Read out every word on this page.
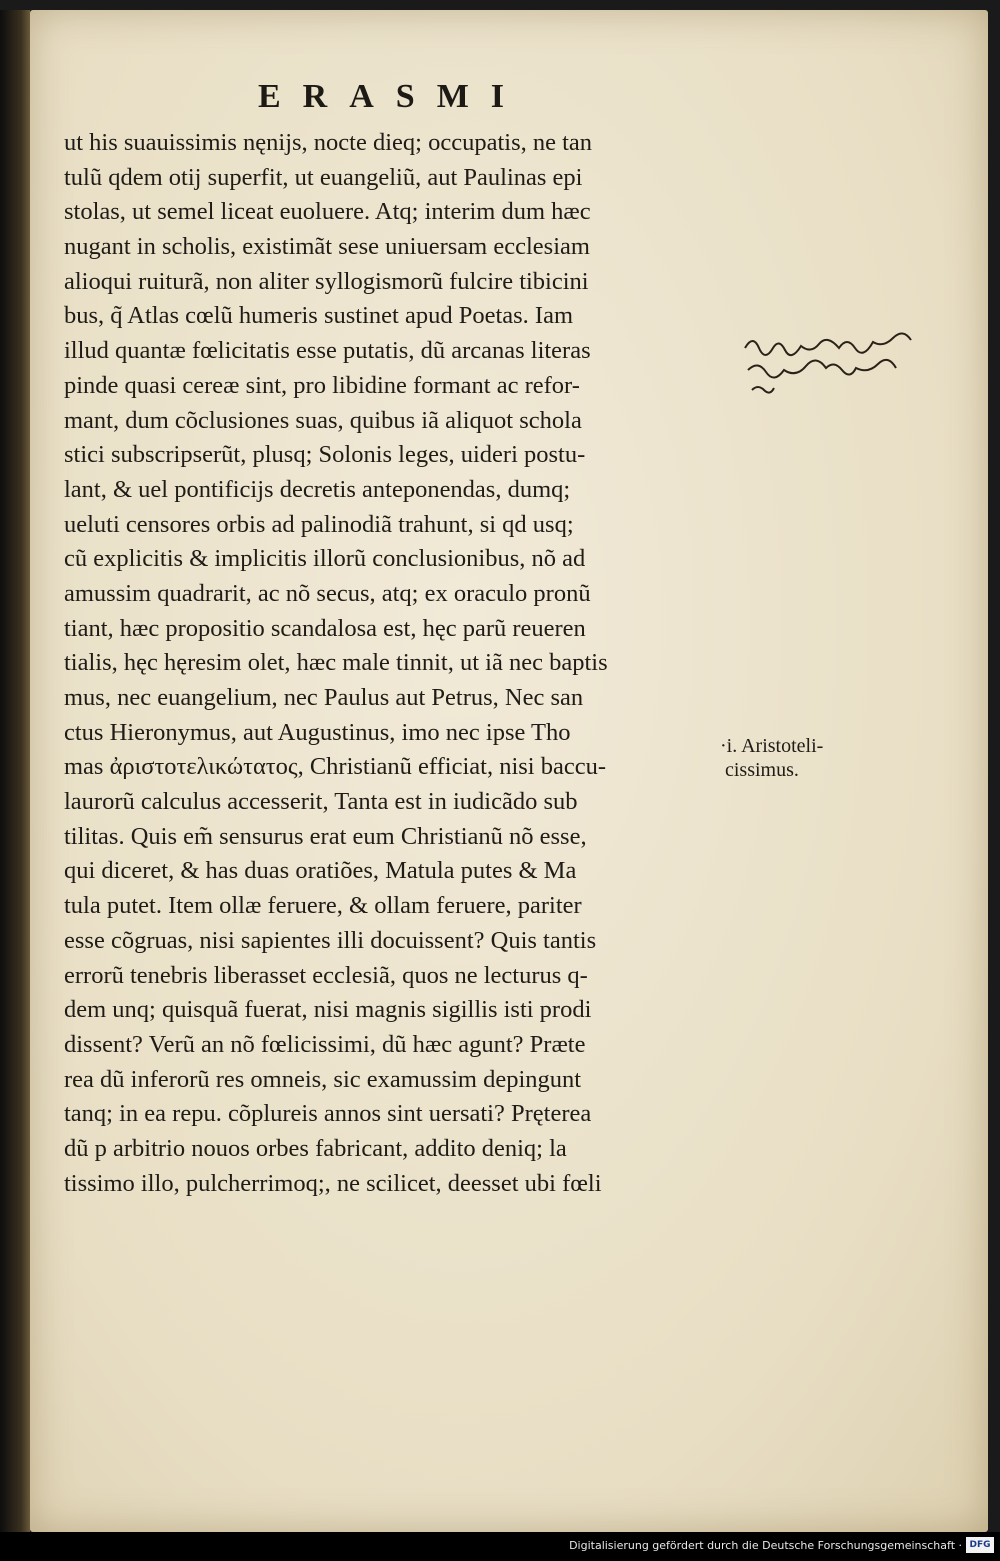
ERASMI
ut his suauissimis nęnijs, nocte dieq; occupatis, ne tan
tulũ qdem otij superfit, ut euangeliũ, aut Paulinas epi
stolas, ut semel liceat euoluere. Atq; interim dum hæc
nugant in scholis, existimãt sese uniuersam ecclesiam
alioqui ruiturã, non aliter syllogismorũ fulcire tibicini
bus, q̃ Atlas cœlũ humeris sustinet apud Poetas. Iam
illud quantæ fœlicitatis esse putatis, dũ arcanas literas
pinde quasi cereæ sint, pro libidine formant ac refor-
mant, dum cõclusiones suas, quibus iã aliquot schola
stici subscripserũt, plusq; Solonis leges, uideri postu-
lant, & uel pontificijs decretis anteponendas, dumq;
ueluti censores orbis ad palinodiã trahunt, si qd usq;
cũ explicitis & implicitis illorũ conclusionibus, nõ ad
amussim quadrarit, ac nõ secus, atq; ex oraculo pronũ
tiant, hæc propositio scandalosa est, hęc parũ reueren
tialis, hęc hęresim olet, hæc male tinnit, ut iã nec baptis
mus, nec euangelium, nec Paulus aut Petrus, Nec san
ctus Hieronymus, aut Augustinus, imo nec ipse Tho
mas ἀριστοτελικώτατος, Christianũ efficiat, nisi baccu-
laurorũ calculus accesserit, Tanta est in iudicãdo sub
tilitas. Quis em̃ sensurus erat eum Christianũ nõ esse,
qui diceret, & has duas oratiões, Matula putes & Ma
tula putet. Item ollæ feruere, & ollam feruere, pariter
esse cõgruas, nisi sapientes illi docuissent? Quis tantis
errorũ tenebris liberasset ecclesiã, quos ne lecturus q-
dem unq; quisquã fuerat, nisi magnis sigillis isti prodi
dissent? Verũ an nõ fœlicissimi, dũ hæc agunt? Præte
rea dũ inferorũ res omneis, sic examussim depingunt
tanq; in ea repu. cõplureis annos sint uersati? Prętereа
dũ p arbitrio nouos orbes fabricant, addito deniq; la
tissimo illo, pulcherrimoq;, ne scilicet, deesset ubi fœli
·i. Aristoteli-
cissimus.
Digitalisierung gefördert durch die Deutsche Forschungsgemeinschaft · DFG
